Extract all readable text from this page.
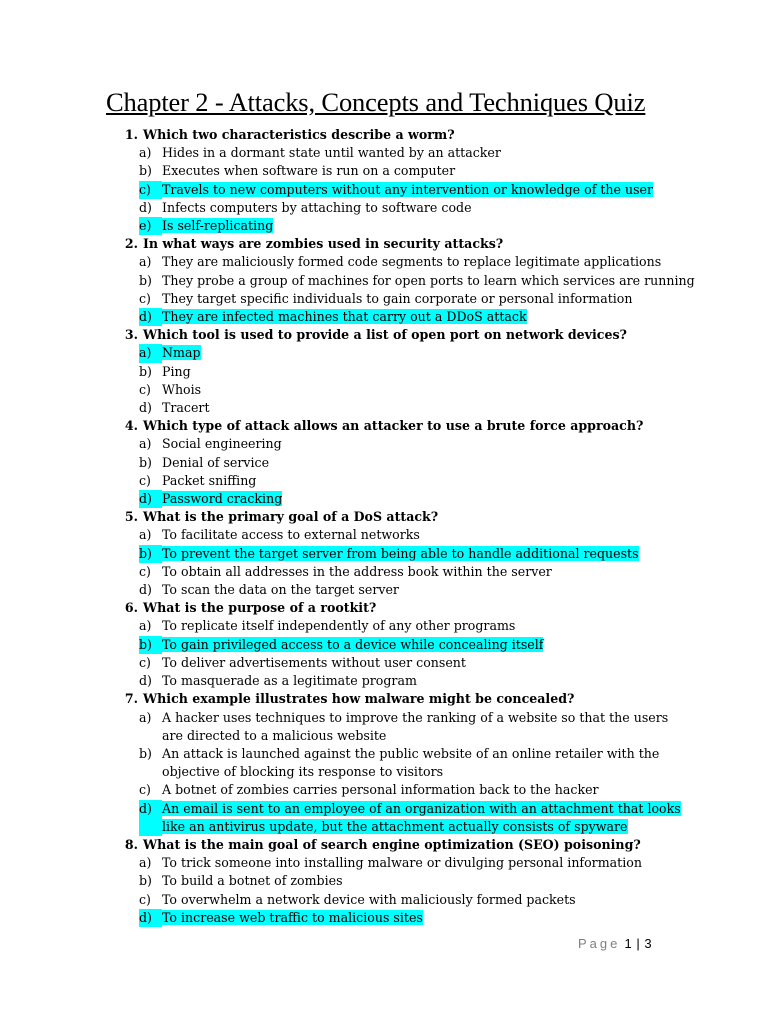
Chapter 2 - Attacks, Concepts and Techniques Quiz
1. Which two characteristics describe a worm?
a) Hides in a dormant state until wanted by an attacker
b) Executes when software is run on a computer
c) Travels to new computers without any intervention or knowledge of the user
d) Infects computers by attaching to software code
e) Is self-replicating
2. In what ways are zombies used in security attacks?
a) They are maliciously formed code segments to replace legitimate applications
b) They probe a group of machines for open ports to learn which services are running
c) They target specific individuals to gain corporate or personal information
d) They are infected machines that carry out a DDoS attack
3. Which tool is used to provide a list of open port on network devices?
a) Nmap
b) Ping
c) Whois
d) Tracert
4. Which type of attack allows an attacker to use a brute force approach?
a) Social engineering
b) Denial of service
c) Packet sniffing
d) Password cracking
5. What is the primary goal of a DoS attack?
a) To facilitate access to external networks
b) To prevent the target server from being able to handle additional requests
c) To obtain all addresses in the address book within the server
d) To scan the data on the target server
6. What is the purpose of a rootkit?
a) To replicate itself independently of any other programs
b) To gain privileged access to a device while concealing itself
c) To deliver advertisements without user consent
d) To masquerade as a legitimate program
7. Which example illustrates how malware might be concealed?
a) A hacker uses techniques to improve the ranking of a website so that the users are directed to a malicious website
b) An attack is launched against the public website of an online retailer with the objective of blocking its response to visitors
c) A botnet of zombies carries personal information back to the hacker
d) An email is sent to an employee of an organization with an attachment that looks like an antivirus update, but the attachment actually consists of spyware
8. What is the main goal of search engine optimization (SEO) poisoning?
a) To trick someone into installing malware or divulging personal information
b) To build a botnet of zombies
c) To overwhelm a network device with maliciously formed packets
d) To increase web traffic to malicious sites
Page 1 | 3
